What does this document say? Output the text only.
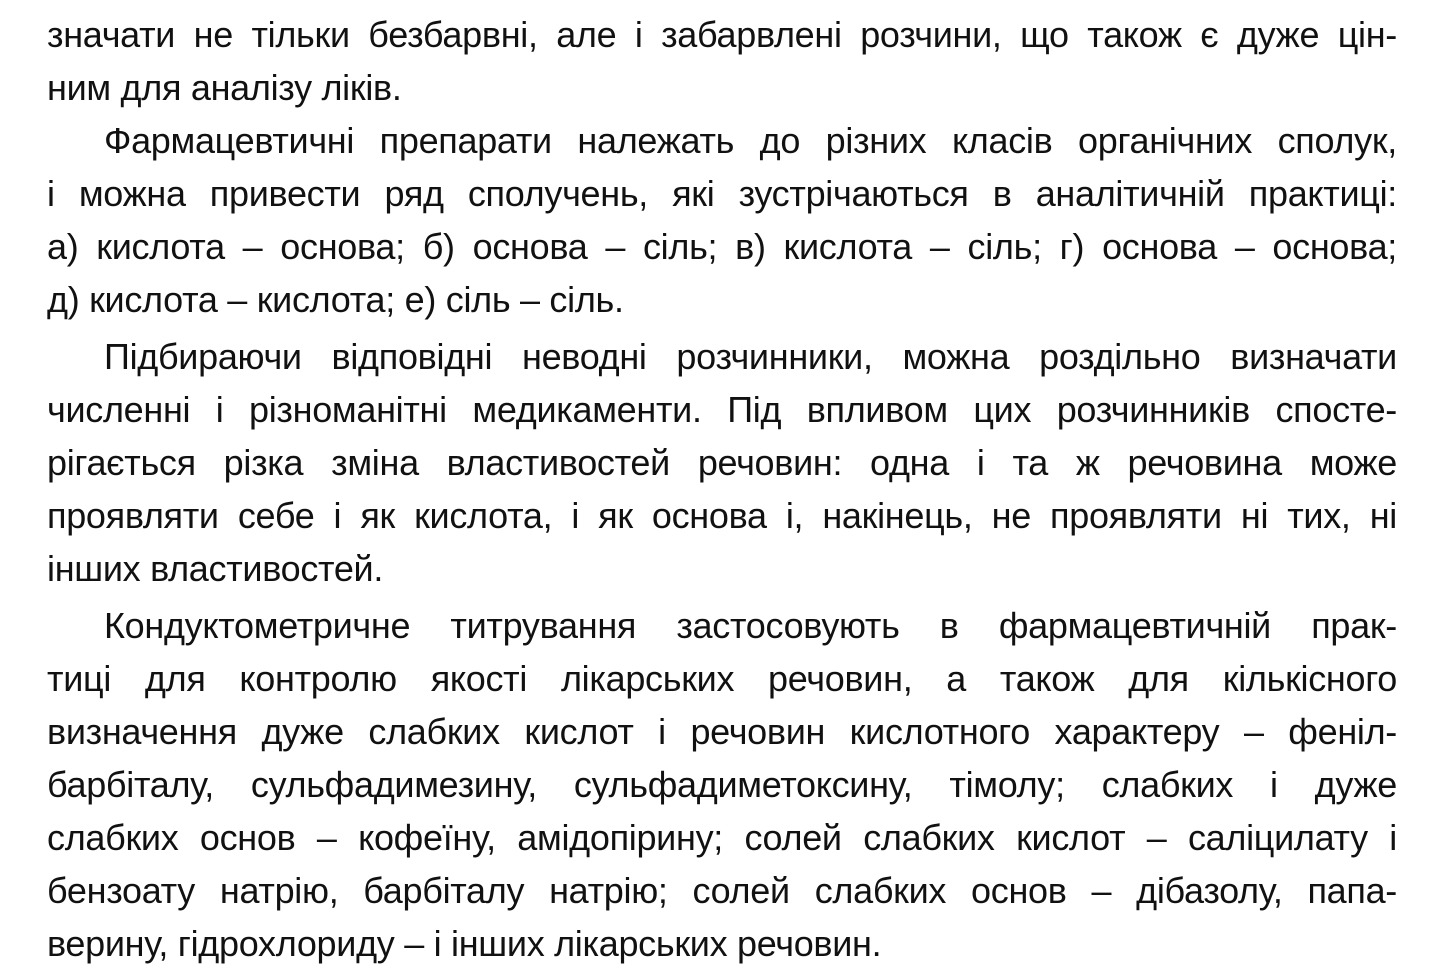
значати не тільки безбарвні, але і забарвлені розчини, що також є дуже цін-
ним для аналізу ліків.
Фармацевтичні препарати належать до різних класів органічних сполук,
і можна привести ряд сполучень, які зустрічаються в аналітичній практиці:
а) кислота – основа; б) основа – сіль; в) кислота – сіль; г) основа – основа;
д) кислота – кислота; е) сіль – сіль.
Підбираючи відповідні неводні розчинники, можна роздільно визначати
численні і різноманітні медикаменти. Під впливом цих розчинників спосте-
рігається різка зміна властивостей речовин: одна і та ж речовина може
проявляти себе і як кислота, і як основа і, накінець, не проявляти ні тих, ні
інших властивостей.
Кондуктометричне титрування застосовують в фармацевтичній прак-
тиці для контролю якості лікарських речовин, а також для кількісного
визначення дуже слабких кислот і речовин кислотного характеру – феніл-
барбіталу, сульфадимезину, сульфадиметоксину, тімолу; слабких і дуже
слабких основ – кофеїну, амідопірину; солей слабких кислот – саліцилату і
бензоату натрію, барбіталу натрію; солей слабких основ – дібазолу, папа-
верину, гідрохлориду – і інших лікарських речовин.
